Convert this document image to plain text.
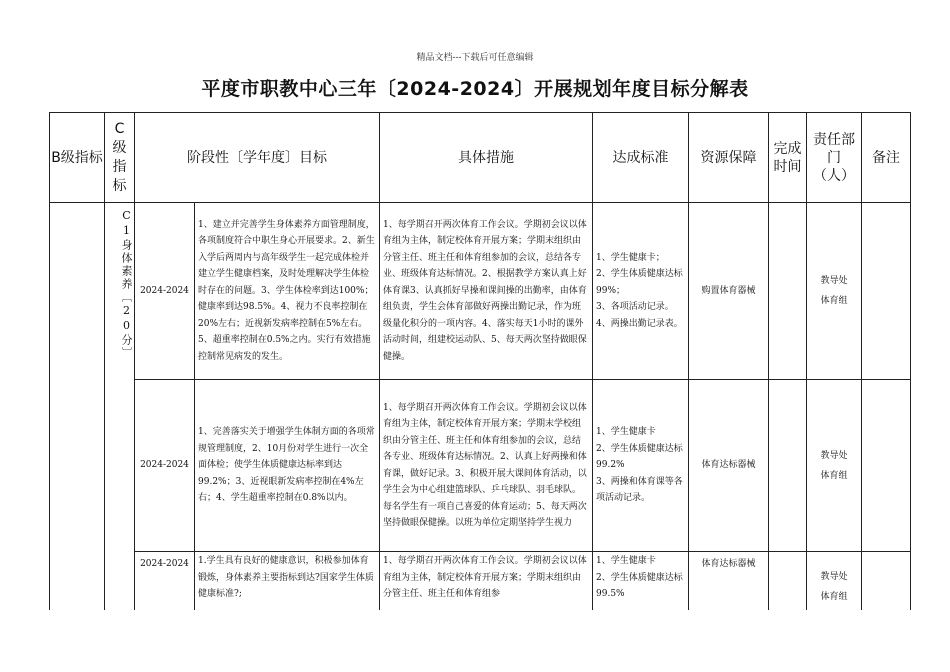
精品文档---下载后可任意编辑
平度市职教中心三年〔2024-2024〕开展规划年度目标分解表
B级指标	C级指标	阶段性〔学年度〕目标		具体措施	达成标准	资源保障	完成时间	责任部门（人）	备注
	C1身体素养〔20分〕	2024-2024	1、建立并完善学生身体素养方面管理制度，各项制度符合中职生身心开展要求。2、新生入学后两周内与高年级学生一起完成体检并建立学生健康档案，及时处理解决学生体检时存在的问题。3、学生体检率到达100%；健康率到达98.5%。4、视力不良率控制在20%左右；近视新发病率控制在5%左右。5、超重率控制在0.5%之内。实行有效措施控制常见病发的发生。	1、每学期召开两次体育工作会议。学期初会议以体育组为主体，制定校体育开展方案；学期末组织由分管主任、班主任和体育组参加的会议，总结各专业、班级体育达标情况。2、根据教学方案认真上好体育课3、认真抓好早操和课间操的出勤率，由体育组负责，学生会体育部做好两操出勤记录，作为班级量化积分的一项内容。4、落实每天1小时的课外活动时间，组建校运动队、5、每天两次坚持做眼保健操。	1、学生健康卡；
2、学生体质健康达标99%；
3、各项活动记录。
4、两操出勤记录表。	购置体育器械		教导处
体育组	
		2024-2024	1、完善落实关于增强学生体制方面的各项常规管理制度，2、10月份对学生进行一次全面体检；使学生体质健康达标率到达99.2%；3、近视眼新发病率控制在4%左右；4、学生超重率控制在0.8%以内。	1、每学期召开两次体育工作会议。学期初会议以体育组为主体，制定校体育开展方案；学期末学校组织由分管主任、班主任和体育组参加的会议，总结各专业、班级体育达标情况。2、认真上好两操和体育课，做好记录。3、积极开展大课间体育活动，以学生会为中心组建篮球队、乒乓球队、羽毛球队。每名学生有一项自己喜爱的体育运动；5、每天两次坚持做眼保健操。以班为单位定期坚持学生视力	1、学生健康卡
2、学生体质健康达标99.2%
3、两操和体育课等各项活动记录。	体育达标器械		教导处
体育组	
		2024-2024	1.学生具有良好的健康意识，积极参加体育锻炼，身体素养主要指标到达?国家学生体质健康标准?;	1、每学期召开两次体育工作会议。学期初会议以体育组为主体，制定校体育开展方案；学期末组织由分管主任、班主任和体育组参	1、学生健康卡
2、学生体质健康达标99.5%	体育达标器械		教导处
体育组	
